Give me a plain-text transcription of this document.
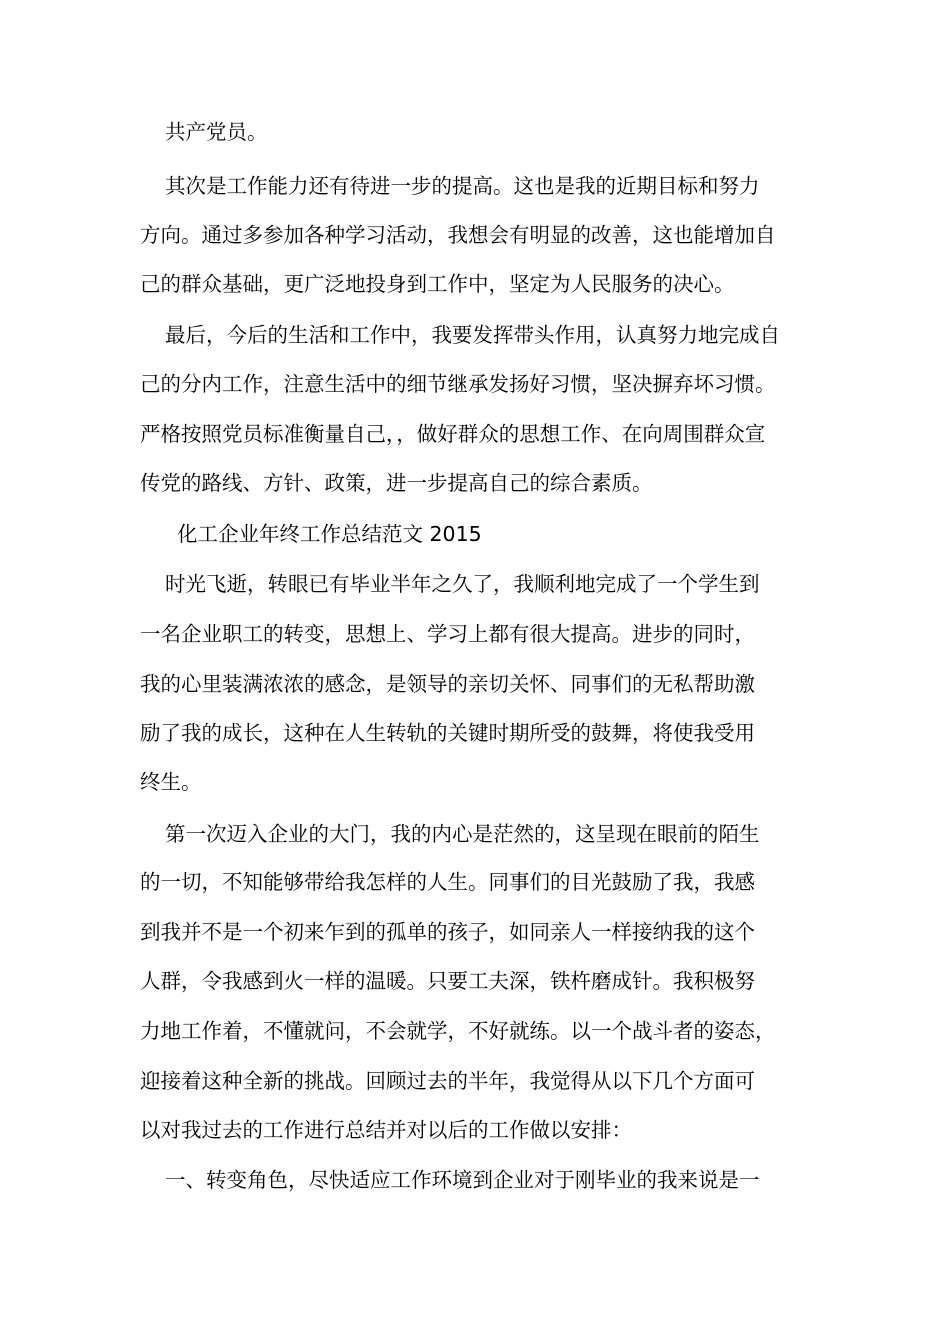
共产党员。

其次是工作能力还有待进一步的提高。这也是我的近期目标和努力

方向。通过多参加各种学习活动，我想会有明显的改善，这也能增加自

己的群众基础，更广泛地投身到工作中，坚定为人民服务的决心。

最后，今后的生活和工作中，我要发挥带头作用，认真努力地完成自

己的分内工作，注意生活中的细节继承发扬好习惯，坚决摒弃坏习惯。

严格按照党员标准衡量自己，，做好群众的思想工作、在向周围群众宣

传党的路线、方针、政策，进一步提高自己的综合素质。

化工企业年终工作总结范文 2015

时光飞逝，转眼已有毕业半年之久了，我顺利地完成了一个学生到

一名企业职工的转变，思想上、学习上都有很大提高。进步的同时，

我的心里装满浓浓的感念，是领导的亲切关怀、同事们的无私帮助激

励了我的成长，这种在人生转轨的关键时期所受的鼓舞，将使我受用

终生。

第一次迈入企业的大门，我的内心是茫然的，这呈现在眼前的陌生

的一切，不知能够带给我怎样的人生。同事们的目光鼓励了我，我感

到我并不是一个初来乍到的孤单的孩子，如同亲人一样接纳我的这个

人群，令我感到火一样的温暖。只要工夫深，铁杵磨成针。我积极努

力地工作着，不懂就问，不会就学，不好就练。以一个战斗者的姿态，

迎接着这种全新的挑战。回顾过去的半年，我觉得从以下几个方面可

以对我过去的工作进行总结并对以后的工作做以安排：

一、转变角色，尽快适应工作环境到企业对于刚毕业的我来说是一
